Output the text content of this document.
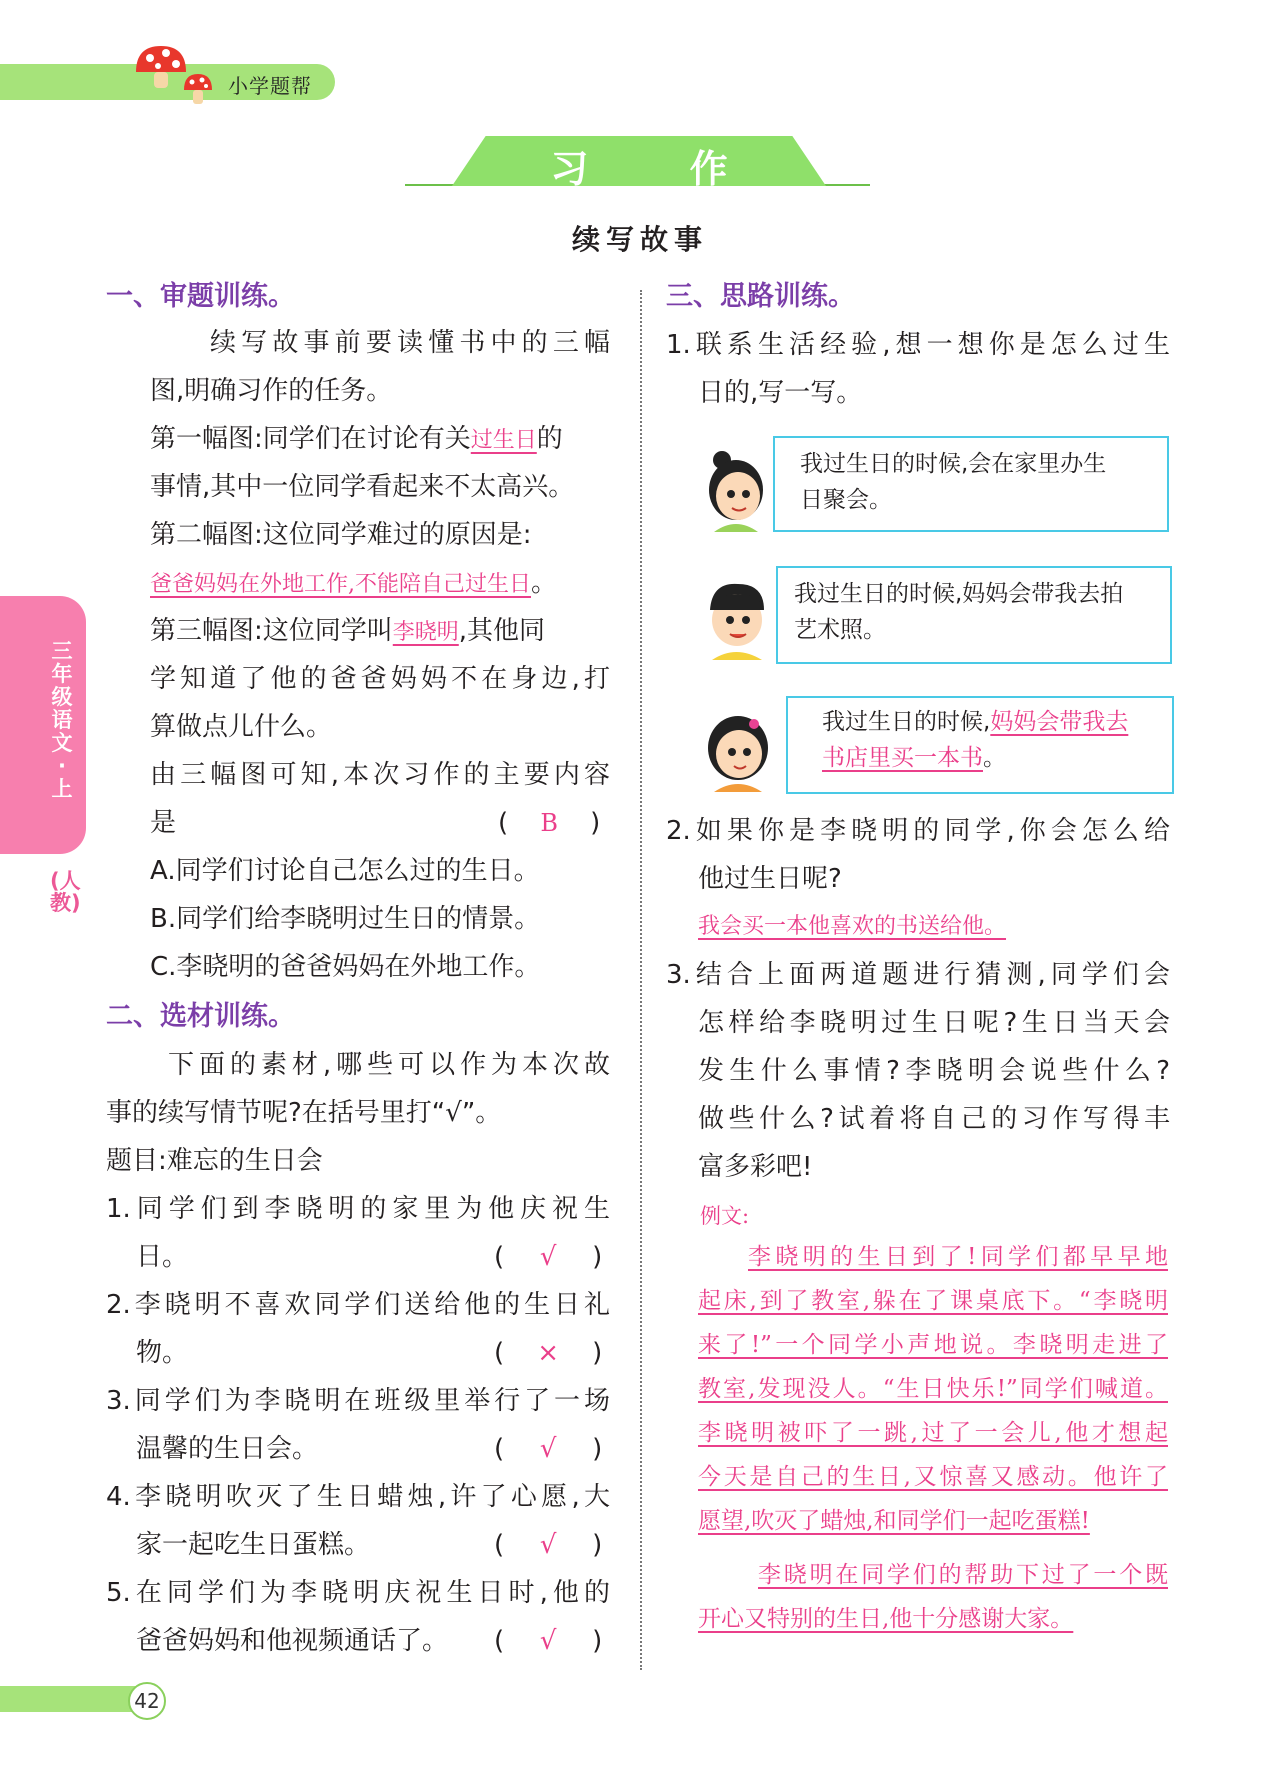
小学题帮
习 作
续写故事
三年级语文·上
(人教)
一、审题训练。
续写故事前要读懂书中的三幅
图,明确习作的任务。
第一幅图:同学们在讨论有关过生日的
事情,其中一位同学看起来不太高兴。
第二幅图:这位同学难过的原因是:
爸爸妈妈在外地工作,不能陪自己过生日。
第三幅图:这位同学叫李晓明,其他同
学知道了他的爸爸妈妈不在身边,打
算做点儿什么。
由三幅图可知,本次习作的主要内容
是	( B )
A.同学们讨论自己怎么过的生日。
B.同学们给李晓明过生日的情景。
C.李晓明的爸爸妈妈在外地工作。
二、选材训练。
下面的素材,哪些可以作为本次故
事的续写情节呢?在括号里打“√”。
题目:难忘的生日会
1.同学们到李晓明的家里为他庆祝生
日。	( √ )
2.李晓明不喜欢同学们送给他的生日礼
物。	( × )
3.同学们为李晓明在班级里举行了一场
温馨的生日会。	( √ )
4.李晓明吹灭了生日蜡烛,许了心愿,大
家一起吃生日蛋糕。	( √ )
5.在同学们为李晓明庆祝生日时,他的
爸爸妈妈和他视频通话了。 ( √ )
三、思路训练。
1.联系生活经验,想一想你是怎么过生
日的,写一写。
我过生日的时候,会在家里办生
日聚会。
我过生日的时候,妈妈会带我去拍
艺术照。
我过生日的时候,妈妈会带我去
书店里买一本书。
2.如果你是李晓明的同学,你会怎么给
他过生日呢?
我会买一本他喜欢的书送给他。
3.结合上面两道题进行猜测,同学们会
怎样给李晓明过生日呢?生日当天会
发生什么事情?李晓明会说些什么?
做些什么?试着将自己的习作写得丰
富多彩吧!
例文:
李晓明的生日到了!同学们都早早地
起床,到了教室,躲在了课桌底下。“李晓明
来了!”一个同学小声地说。李晓明走进了
教室,发现没人。“生日快乐!”同学们喊道。
李晓明被吓了一跳,过了一会儿,他才想起
今天是自己的生日,又惊喜又感动。他许了
愿望,吹灭了蜡烛,和同学们一起吃蛋糕!
李晓明在同学们的帮助下过了一个既
开心又特别的生日,他十分感谢大家。
42
